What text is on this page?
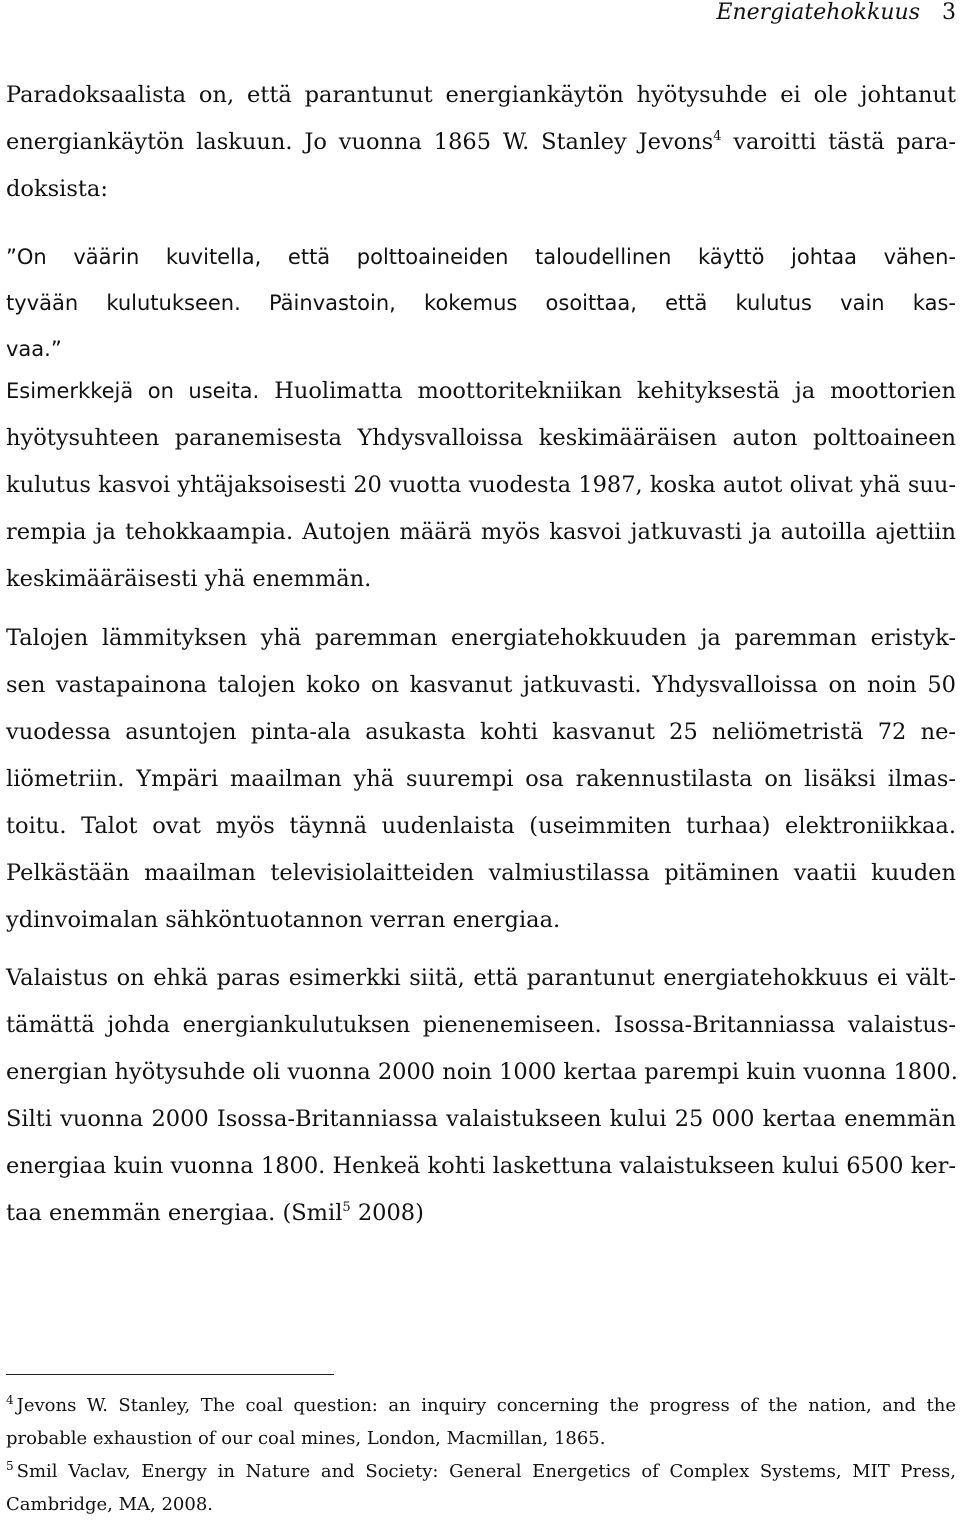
Energiatehokkuus 3
Paradoksaalista on, että parantunut energiankäytön hyötysuhde ei ole johtanut
energiankäytön laskuun. Jo vuonna 1865 W. Stanley Jevons$^4$ varoitti tästä para-
doksista:
”On väärin kuvitella, että polttoaineiden taloudellinen käyttö johtaa vähen-
tyvään kulutukseen. Päinvastoin, kokemus osoittaa, että kulutus vain kas-
vaa.”
Esimerkkejä on useita. Huolimatta moottoritekniikan kehityksestä ja moottorien
hyötysuhteen paranemisesta Yhdysvalloissa keskimääräisen auton polttoaineen
kulutus kasvoi yhtäjaksoisesti 20 vuotta vuodesta 1987, koska autot olivat yhä suu-
rempia ja tehokkaampia. Autojen määrä myös kasvoi jatkuvasti ja autoilla ajettiin
keskimääräisesti yhä enemmän.
Talojen lämmityksen yhä paremman energiatehokkuuden ja paremman eristyk-
sen vastapainona talojen koko on kasvanut jatkuvasti. Yhdysvalloissa on noin 50
vuodessa asuntojen pinta-ala asukasta kohti kasvanut 25 neliömetristä 72 ne-
liömetriin. Ympäri maailman yhä suurempi osa rakennustilasta on lisäksi ilmas-
toitu. Talot ovat myös täynnä uudenlaista (useimmiten turhaa) elektroniikkaa.
Pelkästään maailman televisiolaitteiden valmiustilassa pitäminen vaatii kuuden
ydinvoimalan sähköntuotannon verran energiaa.
Valaistus on ehkä paras esimerkki siitä, että parantunut energiatehokkuus ei vält-
tämättä johda energiankulutuksen pienenemiseen. Isossa-Britanniassa valaistus-
energian hyötysuhde oli vuonna 2000 noin 1000 kertaa parempi kuin vuonna 1800.
Silti vuonna 2000 Isossa-Britanniassa valaistukseen kului 25 000 kertaa enemmän
energiaa kuin vuonna 1800. Henkeä kohti laskettuna valaistukseen kului 6500 ker-
taa enemmän energiaa. (Smil$^5$ 2008)
$^4$ Jevons W. Stanley, The coal question: an inquiry concerning the progress of the nation, and the
probable exhaustion of our coal mines, London, Macmillan, 1865.
$^5$ Smil Vaclav, Energy in Nature and Society: General Energetics of Complex Systems, MIT Press,
Cambridge, MA, 2008.
